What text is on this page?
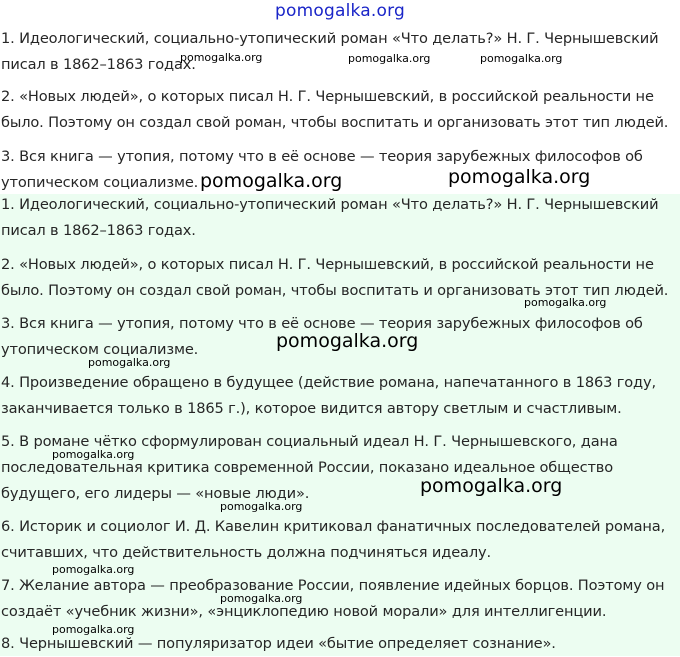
pomogalka.org
1. Идеологический, социально-утопический роман «Что делать?» Н. Г. Чернышевский
писал в 1862–1863 годах.
2. «Новых людей», о которых писал Н. Г. Чернышевский, в российской реальности не
было. Поэтому он создал свой роман, чтобы воспитать и организовать этот тип людей.
3. Вся книга — утопия, потому что в её основе — теория зарубежных философов об
утопическом социализме.
1. Идеологический, социально-утопический роман «Что делать?» Н. Г. Чернышевский
писал в 1862–1863 годах.
2. «Новых людей», о которых писал Н. Г. Чернышевский, в российской реальности не
было. Поэтому он создал свой роман, чтобы воспитать и организовать этот тип людей.
3. Вся книга — утопия, потому что в её основе — теория зарубежных философов об
утопическом социализме.
4. Произведение обращено в будущее (действие романа, напечатанного в 1863 году,
заканчивается только в 1865 г.), которое видится автору светлым и счастливым.
5. В романе чётко сформулирован социальный идеал Н. Г. Чернышевского, дана
последовательная критика современной России, показано идеальное общество
будущего, его лидеры — «новые люди».
6. Историк и социолог И. Д. Кавелин критиковал фанатичных последователей романа,
считавших, что действительность должна подчиняться идеалу.
7. Желание автора — преобразование России, появление идейных борцов. Поэтому он
создаёт «учебник жизни», «энциклопедию новой морали» для интеллигенции.
8. Чернышевский — популяризатор идеи «бытие определяет сознание».
pomogalka.org	pomogalka.org	pomogalka.org
pomogalka.org	pomogalka.org
pomogalka.org
pomogalka.org
pomogalka.org
pomogalka.org
pomogalka.org
pomogalka.org
pomogalka.org
pomogalka.org
pomogalka.org
